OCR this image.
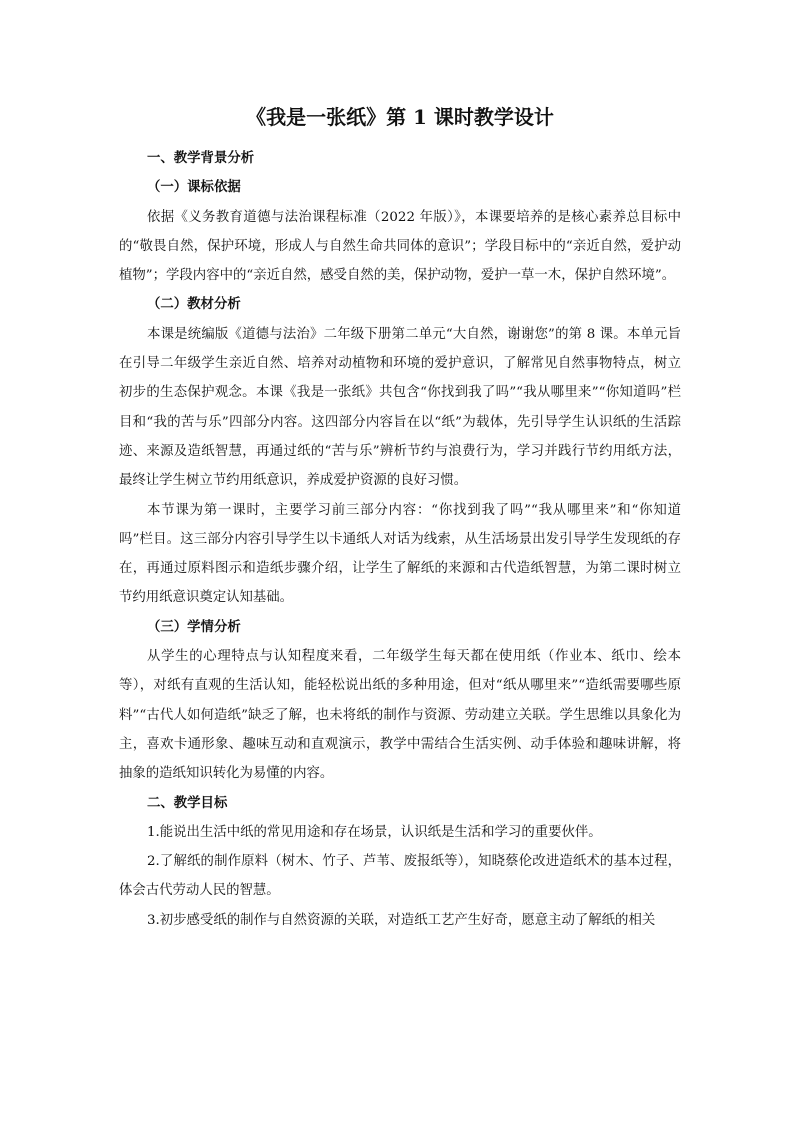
《我是一张纸》第 1 课时教学设计

一、教学背景分析

（一）课标依据

依据《义务教育道德与法治课程标准（2022 年版）》，本课要培养的是核心素养总目标中的“敬畏自然，保护环境，形成人与自然生命共同体的意识”；学段目标中的“亲近自然，爱护动植物”；学段内容中的“亲近自然，感受自然的美，保护动物，爱护一草一木，保护自然环境”。

（二）教材分析

本课是统编版《道德与法治》二年级下册第二单元“大自然，谢谢您”的第 8 课。本单元旨在引导二年级学生亲近自然、培养对动植物和环境的爱护意识，了解常见自然事物特点，树立初步的生态保护观念。本课《我是一张纸》共包含“你找到我了吗”“我从哪里来”“你知道吗”栏目和“我的苦与乐”四部分内容。这四部分内容旨在以“纸”为载体，先引导学生认识纸的生活踪迹、来源及造纸智慧，再通过纸的“苦与乐”辨析节约与浪费行为，学习并践行节约用纸方法，最终让学生树立节约用纸意识，养成爱护资源的良好习惯。

本节课为第一课时，主要学习前三部分内容：“你找到我了吗”“我从哪里来”和“你知道吗”栏目。这三部分内容引导学生以卡通纸人对话为线索，从生活场景出发引导学生发现纸的存在，再通过原料图示和造纸步骤介绍，让学生了解纸的来源和古代造纸智慧，为第二课时树立节约用纸意识奠定认知基础。

（三）学情分析

从学生的心理特点与认知程度来看，二年级学生每天都在使用纸（作业本、纸巾、绘本等），对纸有直观的生活认知，能轻松说出纸的多种用途，但对“纸从哪里来”“造纸需要哪些原料”“古代人如何造纸”缺乏了解，也未将纸的制作与资源、劳动建立关联。学生思维以具象化为主，喜欢卡通形象、趣味互动和直观演示，教学中需结合生活实例、动手体验和趣味讲解，将抽象的造纸知识转化为易懂的内容。

二、教学目标

1.能说出生活中纸的常见用途和存在场景，认识纸是生活和学习的重要伙伴。

2.了解纸的制作原料（树木、竹子、芦苇、废报纸等），知晓蔡伦改进造纸术的基本过程，体会古代劳动人民的智慧。

3.初步感受纸的制作与自然资源的关联，对造纸工艺产生好奇，愿意主动了解纸的相关
